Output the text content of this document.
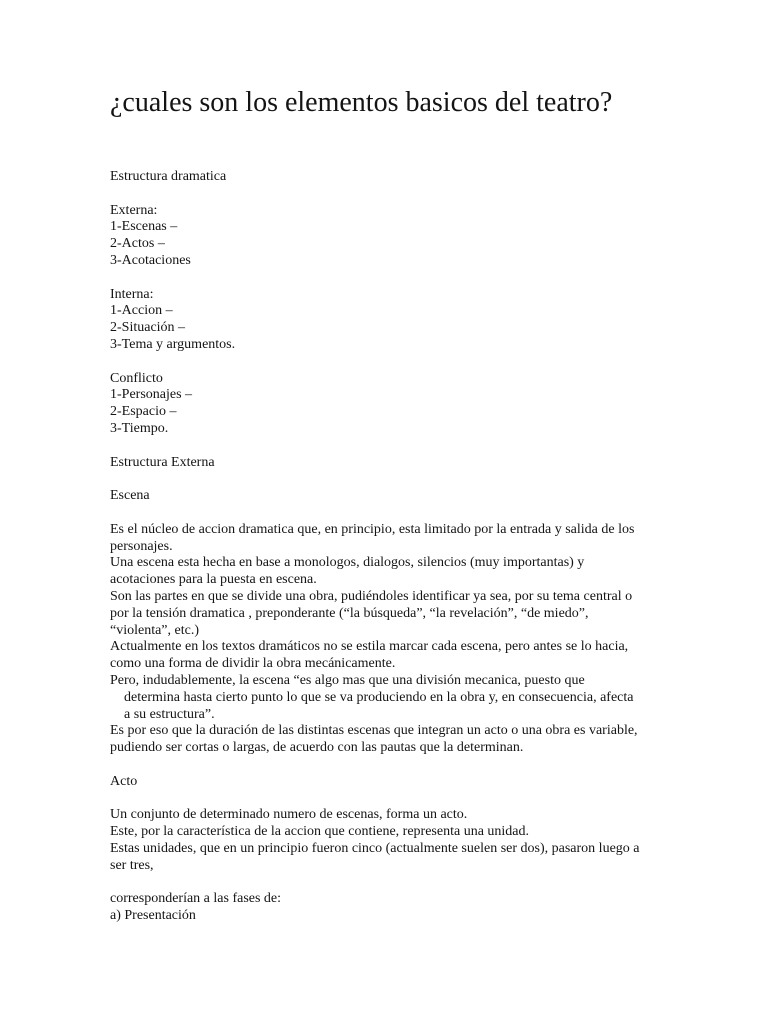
¿cuales son los elementos basicos del teatro?
Estructura dramatica
Externa:
1-Escenas –
2-Actos –
3-Acotaciones
Interna:
1-Accion –
2-Situación –
3-Tema y argumentos.
Conflicto
1-Personajes –
2-Espacio –
3-Tiempo.
Estructura Externa
Escena
Es el núcleo de accion dramatica que, en principio, esta limitado por la entrada y salida de los personajes.
Una escena esta hecha en base a monologos, dialogos, silencios (muy importantas) y acotaciones para la puesta en escena.
Son las partes en que se divide una obra, pudiéndoles identificar ya sea, por su tema central o por la tensión dramatica , preponderante (“la búsqueda”, “la revelación”, “de miedo”, “violenta”, etc.)
Actualmente en los textos dramáticos no se estila marcar cada escena, pero antes se lo hacia, como una forma de dividir la obra mecánicamente.
Pero, indudablemente, la escena “es algo mas que una división mecanica, puesto que determina hasta cierto punto lo que se va produciendo en la obra y, en consecuencia, afecta a su estructura”.
Es por eso que la duración de las distintas escenas que integran un acto o una obra es variable, pudiendo ser cortas o largas, de acuerdo con las pautas que la determinan.
Acto
Un conjunto de determinado numero de escenas, forma un acto.
Este, por la característica de la accion que contiene, representa una unidad.
Estas unidades, que en un principio fueron cinco (actualmente suelen ser dos), pasaron luego a ser tres,
corresponderían a las fases de:
a) Presentación
